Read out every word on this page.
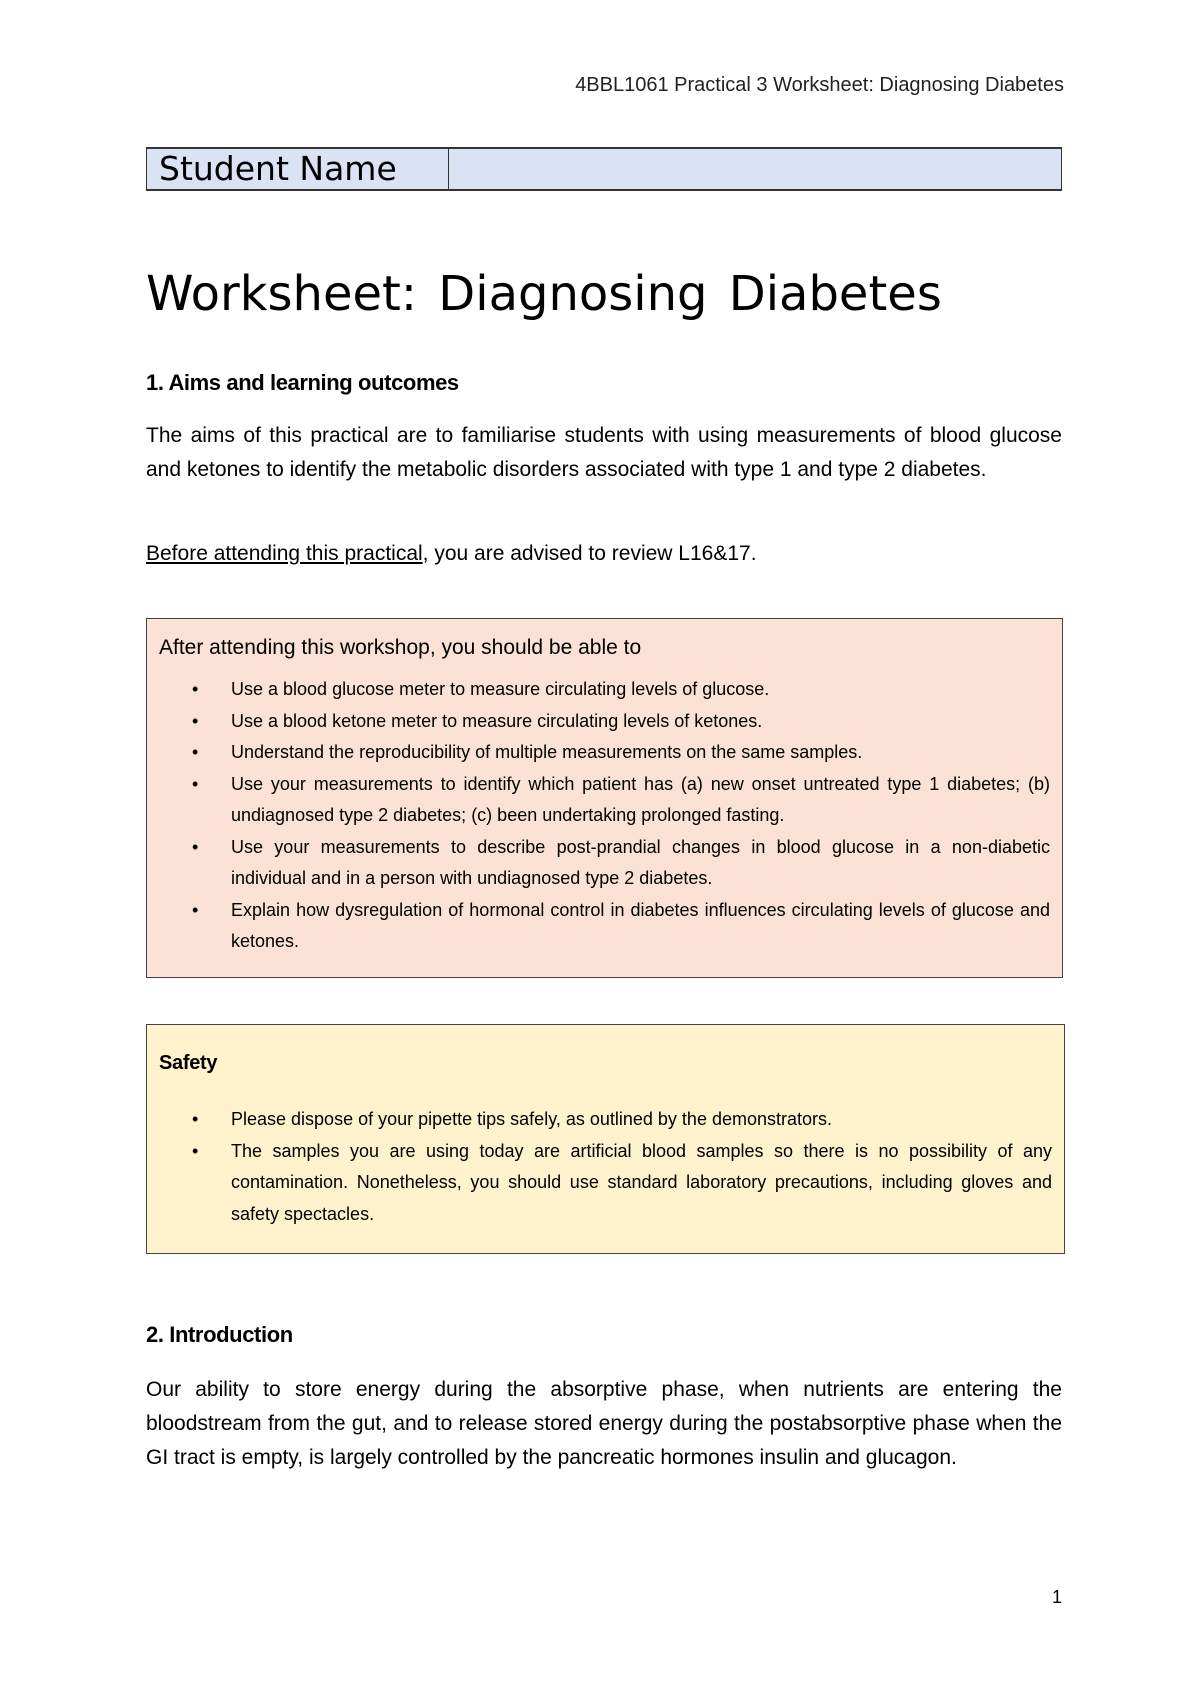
4BBL1061 Practical 3 Worksheet: Diagnosing Diabetes
Student Name	
Worksheet: Diagnosing Diabetes
1. Aims and learning outcomes

The aims of this practical are to familiarise students with using measurements of blood glucose and ketones to identify the metabolic disorders associated with type 1 and type 2 diabetes.

Before attending this practical, you are advised to review L16&17.

After attending this workshop, you should be able to

• Use a blood glucose meter to measure circulating levels of glucose.
• Use a blood ketone meter to measure circulating levels of ketones.
• Understand the reproducibility of multiple measurements on the same samples.
• Use your measurements to identify which patient has (a) new onset untreated type 1 diabetes; (b) undiagnosed type 2 diabetes; (c) been undertaking prolonged fasting.
• Use your measurements to describe post-prandial changes in blood glucose in a non-diabetic individual and in a person with undiagnosed type 2 diabetes.
• Explain how dysregulation of hormonal control in diabetes influences circulating levels of glucose and ketones.

Safety

• Please dispose of your pipette tips safely, as outlined by the demonstrators.
• The samples you are using today are artificial blood samples so there is no possibility of any contamination. Nonetheless, you should use standard laboratory precautions, including gloves and safety spectacles.
2. Introduction

Our ability to store energy during the absorptive phase, when nutrients are entering the bloodstream from the gut, and to release stored energy during the postabsorptive phase when the GI tract is empty, is largely controlled by the pancreatic hormones insulin and glucagon.

1
